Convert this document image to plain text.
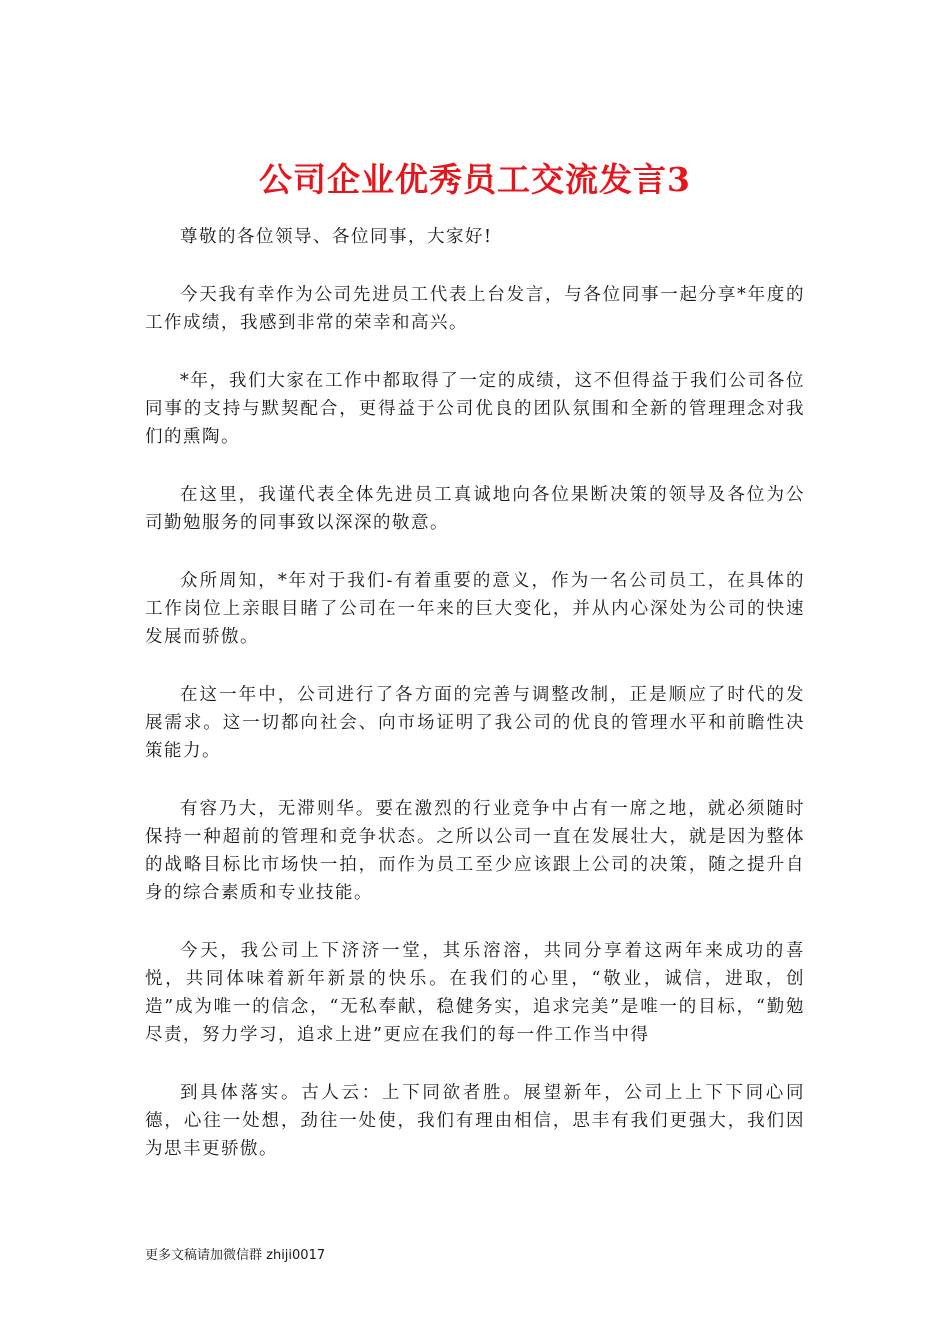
公司企业优秀员工交流发言3

尊敬的各位领导、各位同事，大家好!

今天我有幸作为公司先进员工代表上台发言，与各位同事一起分享*年度的工作成绩，我感到非常的荣幸和高兴。

*年，我们大家在工作中都取得了一定的成绩，这不但得益于我们公司各位同事的支持与默契配合，更得益于公司优良的团队氛围和全新的管理理念对我们的熏陶。

在这里，我谨代表全体先进员工真诚地向各位果断决策的领导及各位为公司勤勉服务的同事致以深深的敬意。

众所周知，*年对于我们-有着重要的意义，作为一名公司员工，在具体的工作岗位上亲眼目睹了公司在一年来的巨大变化，并从内心深处为公司的快速发展而骄傲。

在这一年中，公司进行了各方面的完善与调整改制，正是顺应了时代的发展需求。这一切都向社会、向市场证明了我公司的优良的管理水平和前瞻性决策能力。

有容乃大，无滞则华。要在激烈的行业竞争中占有一席之地，就必须随时保持一种超前的管理和竞争状态。之所以公司一直在发展壮大，就是因为整体的战略目标比市场快一拍，而作为员工至少应该跟上公司的决策，随之提升自身的综合素质和专业技能。

今天，我公司上下济济一堂，其乐溶溶，共同分享着这两年来成功的喜悦，共同体味着新年新景的快乐。在我们的心里，“敬业，诚信，进取，创造”成为唯一的信念，“无私奉献，稳健务实，追求完美”是唯一的目标，“勤勉尽责，努力学习，追求上进”更应在我们的每一件工作当中得

到具体落实。古人云：上下同欲者胜。展望新年，公司上上下下同心同德，心往一处想，劲往一处使，我们有理由相信，思丰有我们更强大，我们因为思丰更骄傲。

更多文稿请加微信群 zhiji0017
